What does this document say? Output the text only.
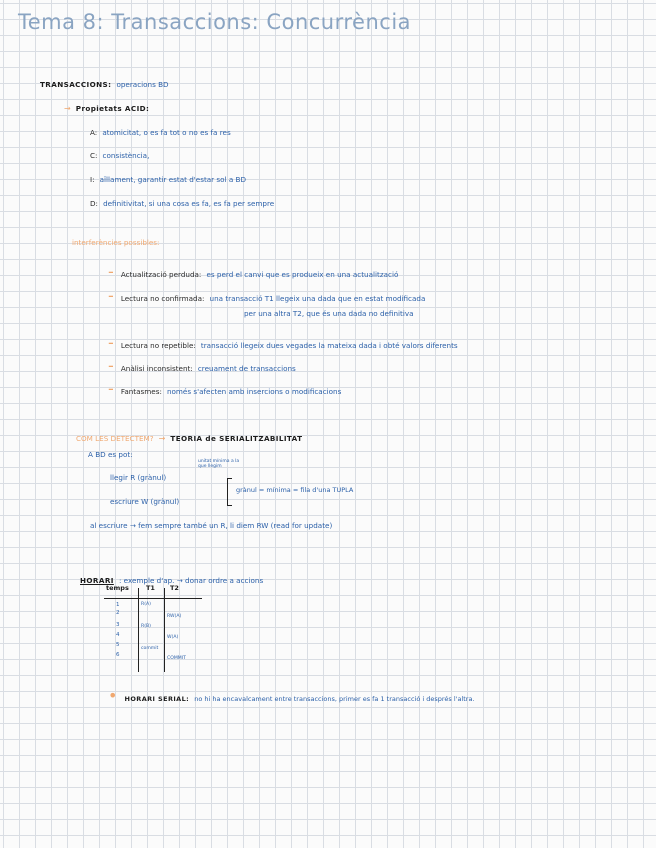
Tema 8: Transaccions: Concurrència
TRANSACCIONS: operacions BD
→ Propietats ACID:
A: atomicitat, o es fa tot o no es fa res
C: consistència,
I: aïllament, garantir estat d'estar sol a BD
D: definitivitat, si una cosa es fa, es fa per sempre
interferències possibles:
- Actualització perduda: es perd el canvi que es produeix en una actualització
- Lectura no confirmada: una transacció T1 llegeix una dada que en estat modificada
per una altra T2, que és una dada no definitiva
- Lectura no repetible: transacció llegeix dues vegades la mateixa dada i obté valors diferents
- Anàlisi inconsistent: creuament de transaccions
- Fantasmes: només s'afecten amb insercions o modificacions
COM LES DETECTEM? → TEORIA de SERIALITZABILITAT
A BD es pot:
unitat mínima a la que llegim
llegir R (grànul)
escriure W (grànul)
grànul = mínima = fila d'una TUPLA
al escriure → fem sempre també un R, li diem RW (read for update)
HORARI : exemple d'ap. → donar ordre a accions
temps	T1 T2
1
2
3
4
5
6
R(A)
R(B)
commit
RW(A)
W(A)
COMMIT
• HORARI SERIAL: no hi ha encavalcament entre transaccions, primer es fa 1 transacció i després l'altra.
